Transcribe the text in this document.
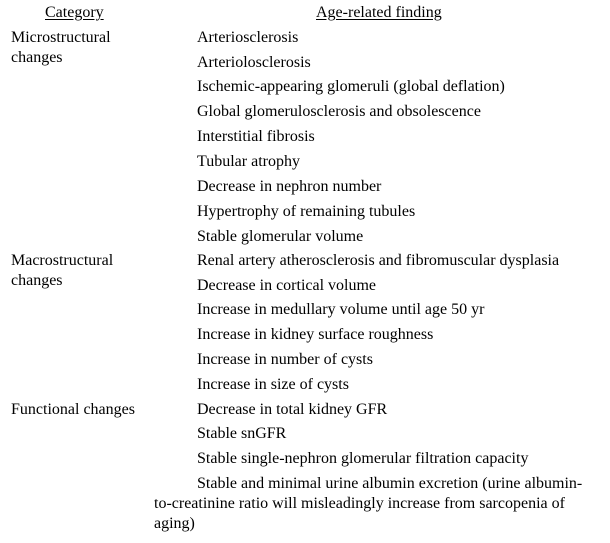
Category	Age-related finding
Microstructural changes
Arteriosclerosis
Arteriolosclerosis
Ischemic-appearing glomeruli (global deflation)
Global glomerulosclerosis and obsolescence
Interstitial fibrosis
Tubular atrophy
Decrease in nephron number
Hypertrophy of remaining tubules
Stable glomerular volume
Macrostructural changes
Renal artery atherosclerosis and fibromuscular dysplasia
Decrease in cortical volume
Increase in medullary volume until age 50 yr
Increase in kidney surface roughness
Increase in number of cysts
Increase in size of cysts
Functional changes	Decrease in total kidney GFR
Stable snGFR
Stable single-nephron glomerular filtration capacity
Stable and minimal urine albumin excretion (urine albumin-to-creatinine ratio will misleadingly increase from sarcopenia of aging)
